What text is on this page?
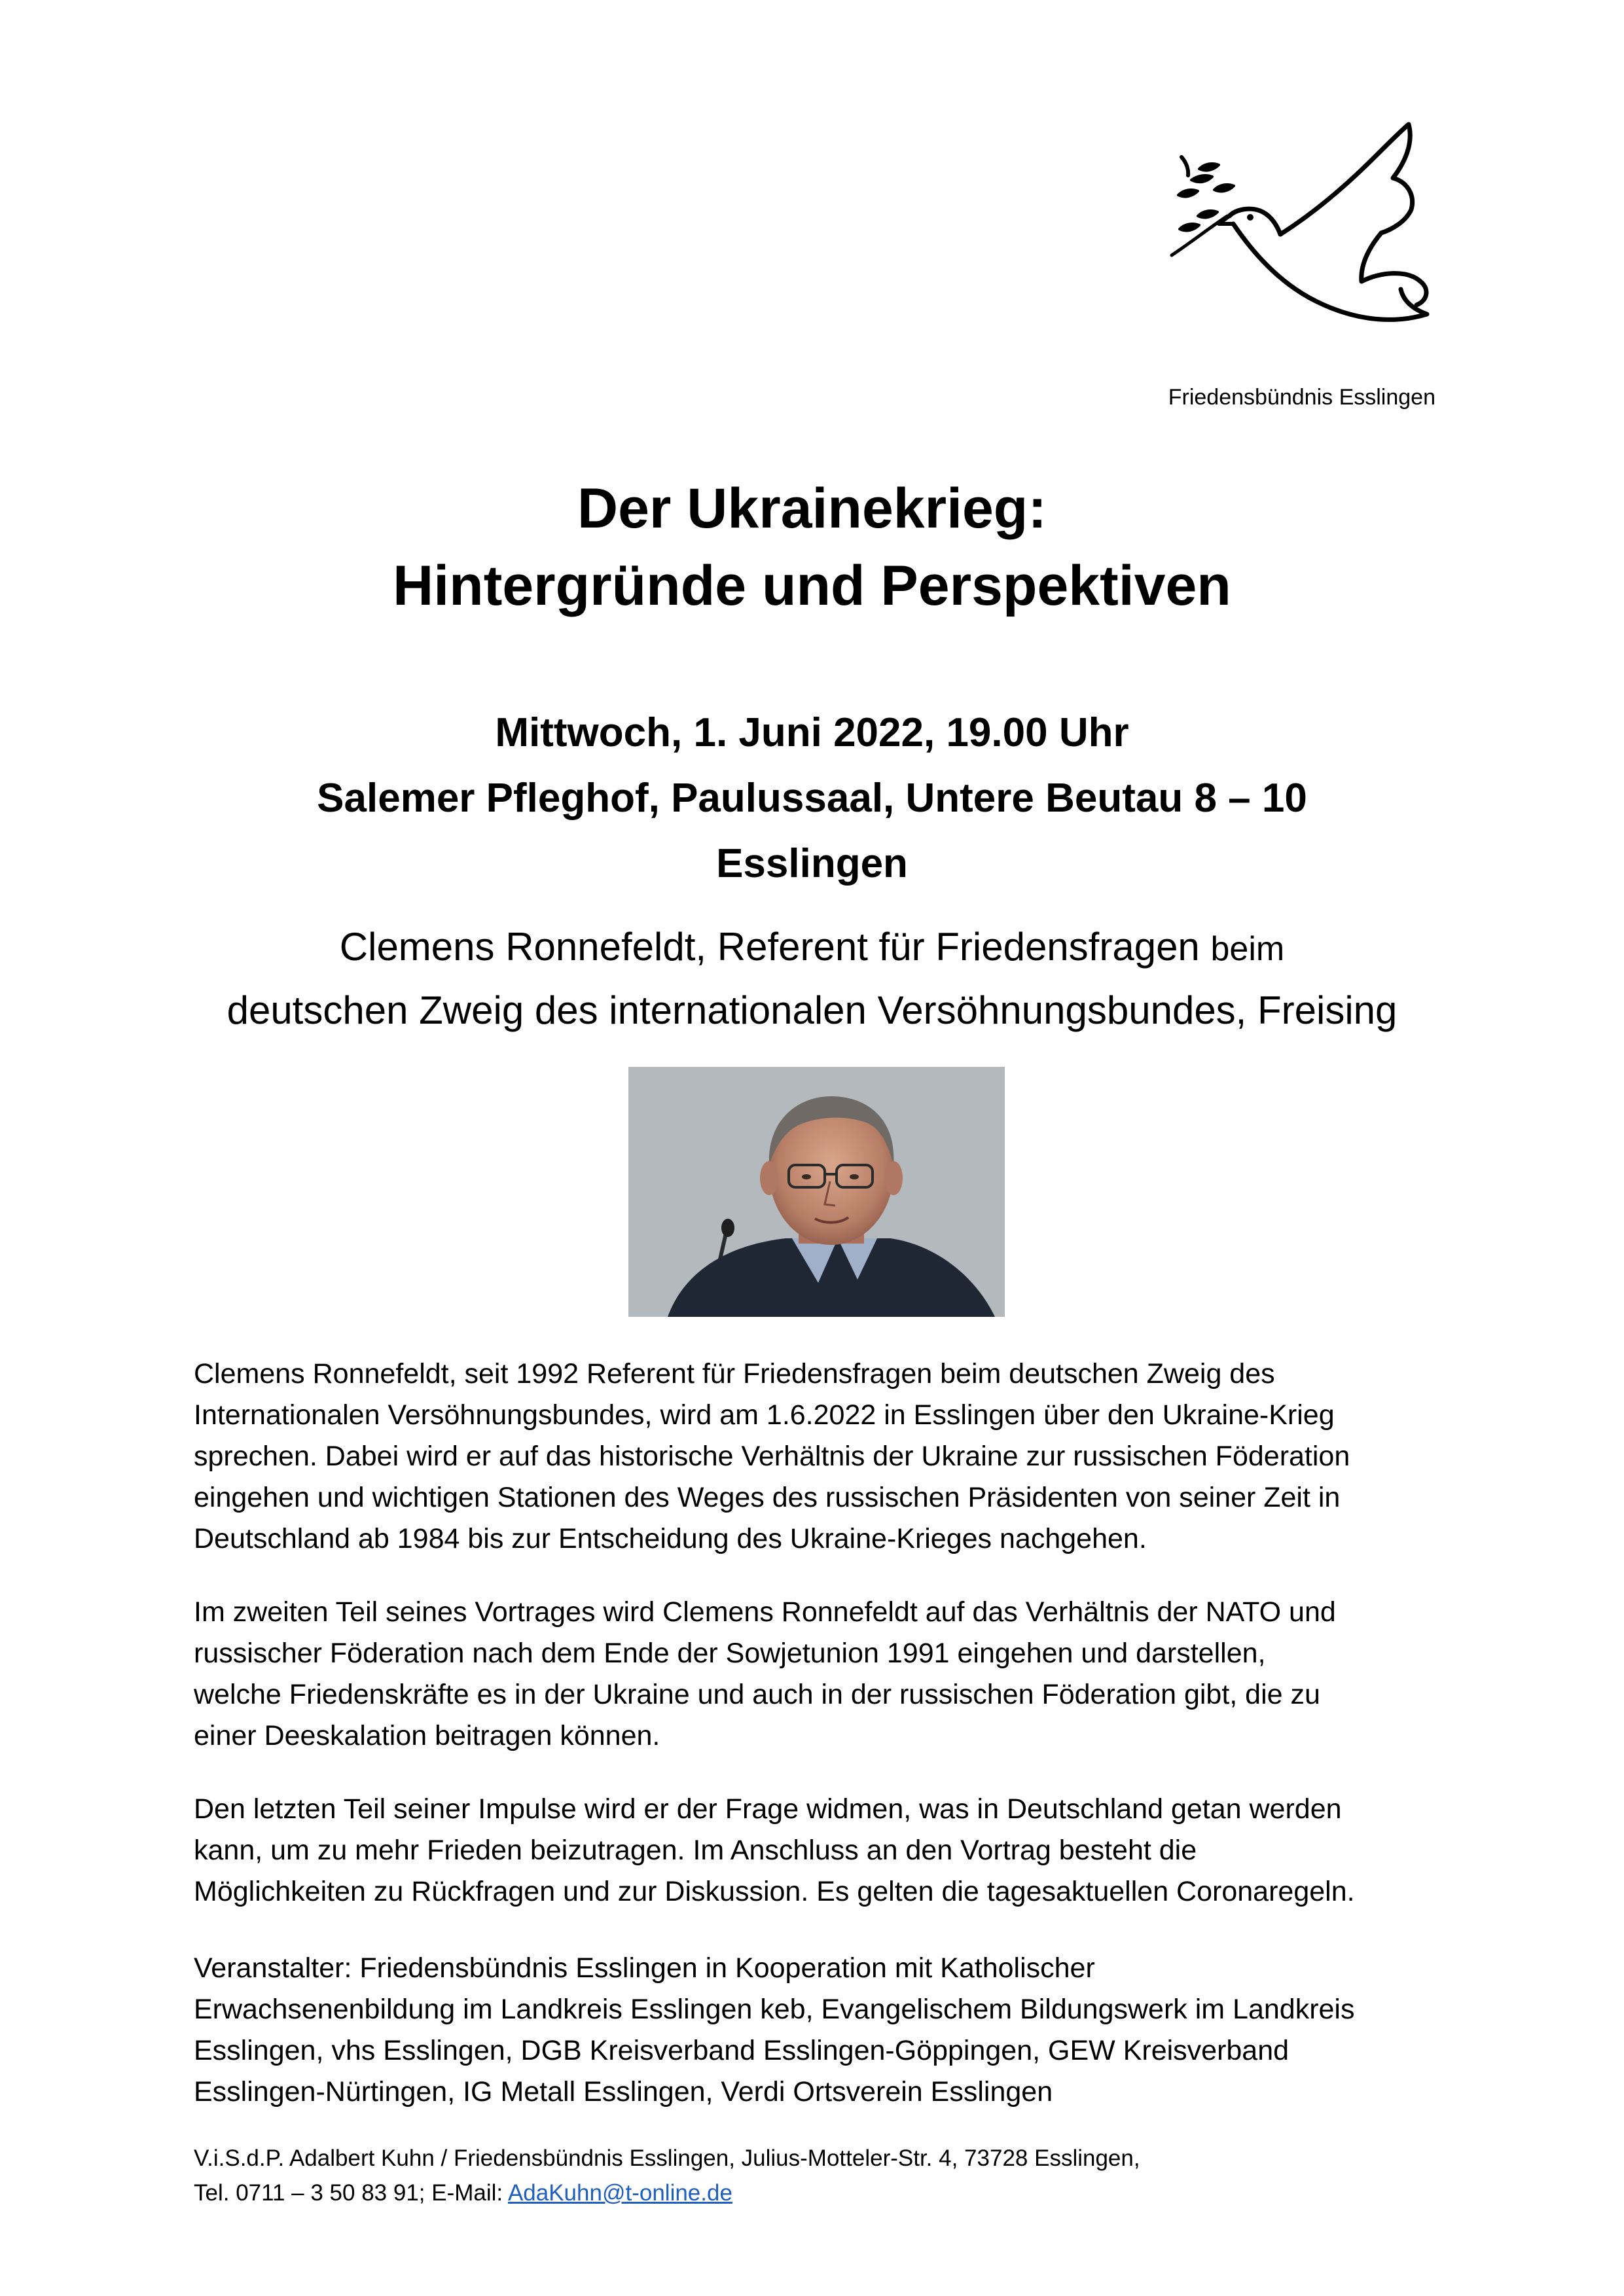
Friedensbündnis Esslingen
Der Ukrainekrieg:
Hintergründe und Perspektiven
Mittwoch, 1. Juni 2022, 19.00 Uhr
Salemer Pfleghof, Paulussaal, Untere Beutau 8 – 10
Esslingen
Clemens Ronnefeldt, Referent für Friedensfragen beim
deutschen Zweig des internationalen Versöhnungsbundes, Freising

Clemens Ronnefeldt, seit 1992 Referent für Friedensfragen beim deutschen Zweig des
Internationalen Versöhnungsbundes, wird am 1.6.2022 in Esslingen über den Ukraine-Krieg
sprechen. Dabei wird er auf das historische Verhältnis der Ukraine zur russischen Föderation
eingehen und wichtigen Stationen des Weges des russischen Präsidenten von seiner Zeit in
Deutschland ab 1984 bis zur Entscheidung des Ukraine-Krieges nachgehen.

Im zweiten Teil seines Vortrages wird Clemens Ronnefeldt auf das Verhältnis der NATO und
russischer Föderation nach dem Ende der Sowjetunion 1991 eingehen und darstellen,
welche Friedenskräfte es in der Ukraine und auch in der russischen Föderation gibt, die zu
einer Deeskalation beitragen können.

Den letzten Teil seiner Impulse wird er der Frage widmen, was in Deutschland getan werden
kann, um zu mehr Frieden beizutragen. Im Anschluss an den Vortrag besteht die
Möglichkeiten zu Rückfragen und zur Diskussion. Es gelten die tagesaktuellen Coronaregeln.

Veranstalter: Friedensbündnis Esslingen in Kooperation mit Katholischer
Erwachsenenbildung im Landkreis Esslingen keb, Evangelischem Bildungswerk im Landkreis
Esslingen, vhs Esslingen, DGB Kreisverband Esslingen-Göppingen, GEW Kreisverband
Esslingen-Nürtingen, IG Metall Esslingen, Verdi Ortsverein Esslingen

V.i.S.d.P. Adalbert Kuhn / Friedensbündnis Esslingen, Julius-Motteler-Str. 4, 73728 Esslingen,
Tel. 0711 – 3 50 83 91; E-Mail: AdaKuhn@t-online.de
